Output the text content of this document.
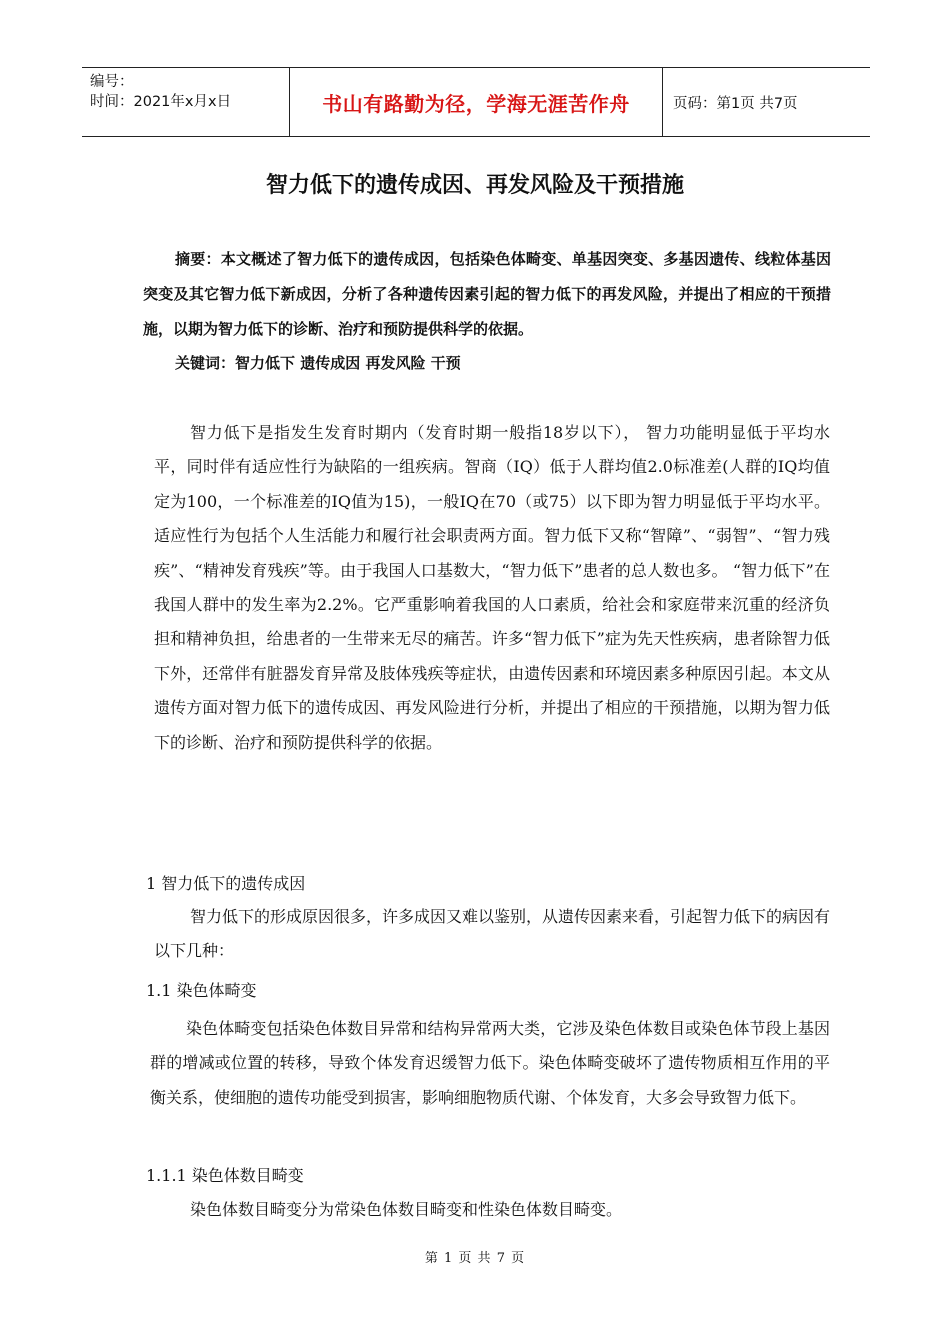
编号：
时间：2021年x月x日	书山有路勤为径，学海无涯苦作舟	页码：第1页 共7页
智力低下的遗传成因、再发风险及干预措施

摘要：本文概述了智力低下的遗传成因，包括染色体畸变、单基因突变、多基因遗传、线粒体基因突变及其它智力低下新成因，分析了各种遗传因素引起的智力低下的再发风险，并提出了相应的干预措施，以期为智力低下的诊断、治疗和预防提供科学的依据。

关键词：智力低下 遗传成因 再发风险 干预

智力低下是指发生发育时期内（发育时期一般指18岁以下）， 智力功能明显低于平均水平，同时伴有适应性行为缺陷的一组疾病。智商（IQ）低于人群均值2.0标准差(人群的IQ均值定为100，一个标准差的IQ值为15)，一般IQ在70（或75）以下即为智力明显低于平均水平。适应性行为包括个人生活能力和履行社会职责两方面。智力低下又称“智障”、“弱智”、“智力残疾”、“精神发育残疾”等。由于我国人口基数大，“智力低下”患者的总人数也多。 “智力低下”在我国人群中的发生率为2.2%。它严重影响着我国的人口素质，给社会和家庭带来沉重的经济负担和精神负担，给患者的一生带来无尽的痛苦。许多“智力低下”症为先天性疾病，患者除智力低下外，还常伴有脏器发育异常及肢体残疾等症状，由遗传因素和环境因素多种原因引起。本文从遗传方面对智力低下的遗传成因、再发风险进行分析，并提出了相应的干预措施，以期为智力低下的诊断、治疗和预防提供科学的依据。

1 智力低下的遗传成因

智力低下的形成原因很多，许多成因又难以鉴别，从遗传因素来看，引起智力低下的病因有以下几种：

1.1 染色体畸变

染色体畸变包括染色体数目异常和结构异常两大类，它涉及染色体数目或染色体节段上基因群的增减或位置的转移，导致个体发育迟缓智力低下。染色体畸变破坏了遗传物质相互作用的平衡关系，使细胞的遗传功能受到损害，影响细胞物质代谢、个体发育，大多会导致智力低下。

1.1.1 染色体数目畸变

染色体数目畸变分为常染色体数目畸变和性染色体数目畸变。

第 1 页 共 7 页
